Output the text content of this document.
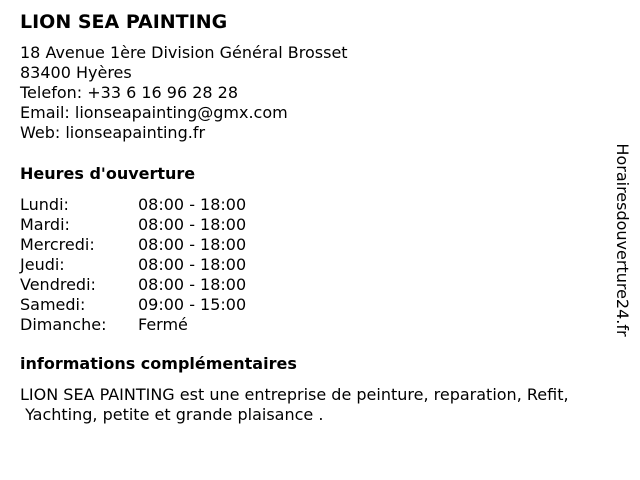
LION SEA PAINTING
18 Avenue 1ère Division Général Brosset
83400 Hyères
Telefon: +33 6 16 96 28 28
Email: lionseapainting@gmx.com
Web: lionseapainting.fr
Heures d'ouverture
Lundi:	08:00 - 18:00
Mardi:	08:00 - 18:00
Mercredi:	08:00 - 18:00
Jeudi:	08:00 - 18:00
Vendredi:	08:00 - 18:00
Samedi:	09:00 - 15:00
Dimanche: Fermé
informations complémentaires
LION SEA PAINTING est une entreprise de peinture, reparation, Refit,
Yachting, petite et grande plaisance .
Horairesdouverture24.fr
